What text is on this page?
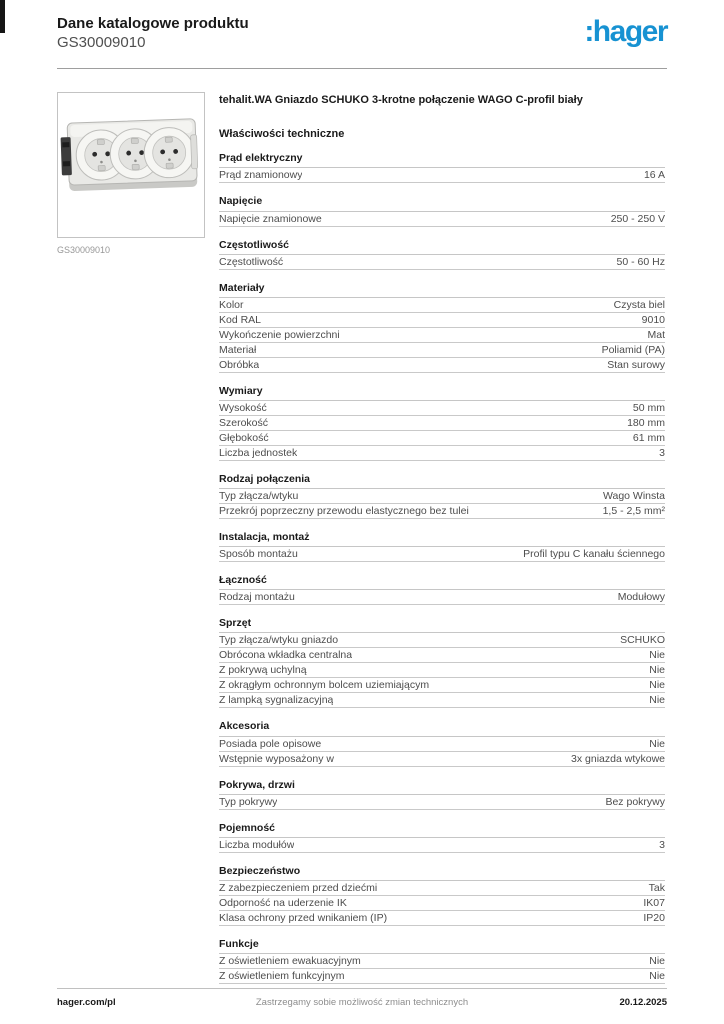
Dane katalogowe produktu
GS30009010	:hager
GS30009010
tehalit.WA Gniazdo SCHUKO 3-krotne połączenie WAGO C-profil biały
Właściwości techniczne
Prąd elektryczny
Prąd znamionowy	16 A
Napięcie
Napięcie znamionowe	250 - 250 V
Częstotliwość
Częstotliwość	50 - 60 Hz
Materiały
Kolor	Czysta biel
Kod RAL	9010
Wykończenie powierzchni	Mat
Materiał	Poliamid (PA)
Obróbka	Stan surowy
Wymiary
Wysokość	50 mm
Szerokość	180 mm
Głębokość	61 mm
Liczba jednostek	3
Rodzaj połączenia
Typ złącza/wtyku	Wago Winsta
Przekrój poprzeczny przewodu elastycznego bez tulei	1,5 - 2,5 mm²
Instalacja, montaż
Sposób montażu	Profil typu C kanału ściennego
Łączność
Rodzaj montażu	Modułowy
Sprzęt
Typ złącza/wtyku gniazdo	SCHUKO
Obrócona wkładka centralna	Nie
Z pokrywą uchylną	Nie
Z okrągłym ochronnym bolcem uziemiającym	Nie
Z lampką sygnalizacyjną	Nie
Akcesoria
Posiada pole opisowe	Nie
Wstępnie wyposażony w	3x gniazda wtykowe
Pokrywa, drzwi
Typ pokrywy	Bez pokrywy
Pojemność
Liczba modułów	3
Bezpieczeństwo
Z zabezpieczeniem przed dziećmi	Tak
Odporność na uderzenie IK	IK07
Klasa ochrony przed wnikaniem (IP)	IP20
Funkcje
Z oświetleniem ewakuacyjnym	Nie
Z oświetleniem funkcyjnym	Nie
hager.com/pl	Zastrzegamy sobie możliwość zmian technicznych	20.12.2025
